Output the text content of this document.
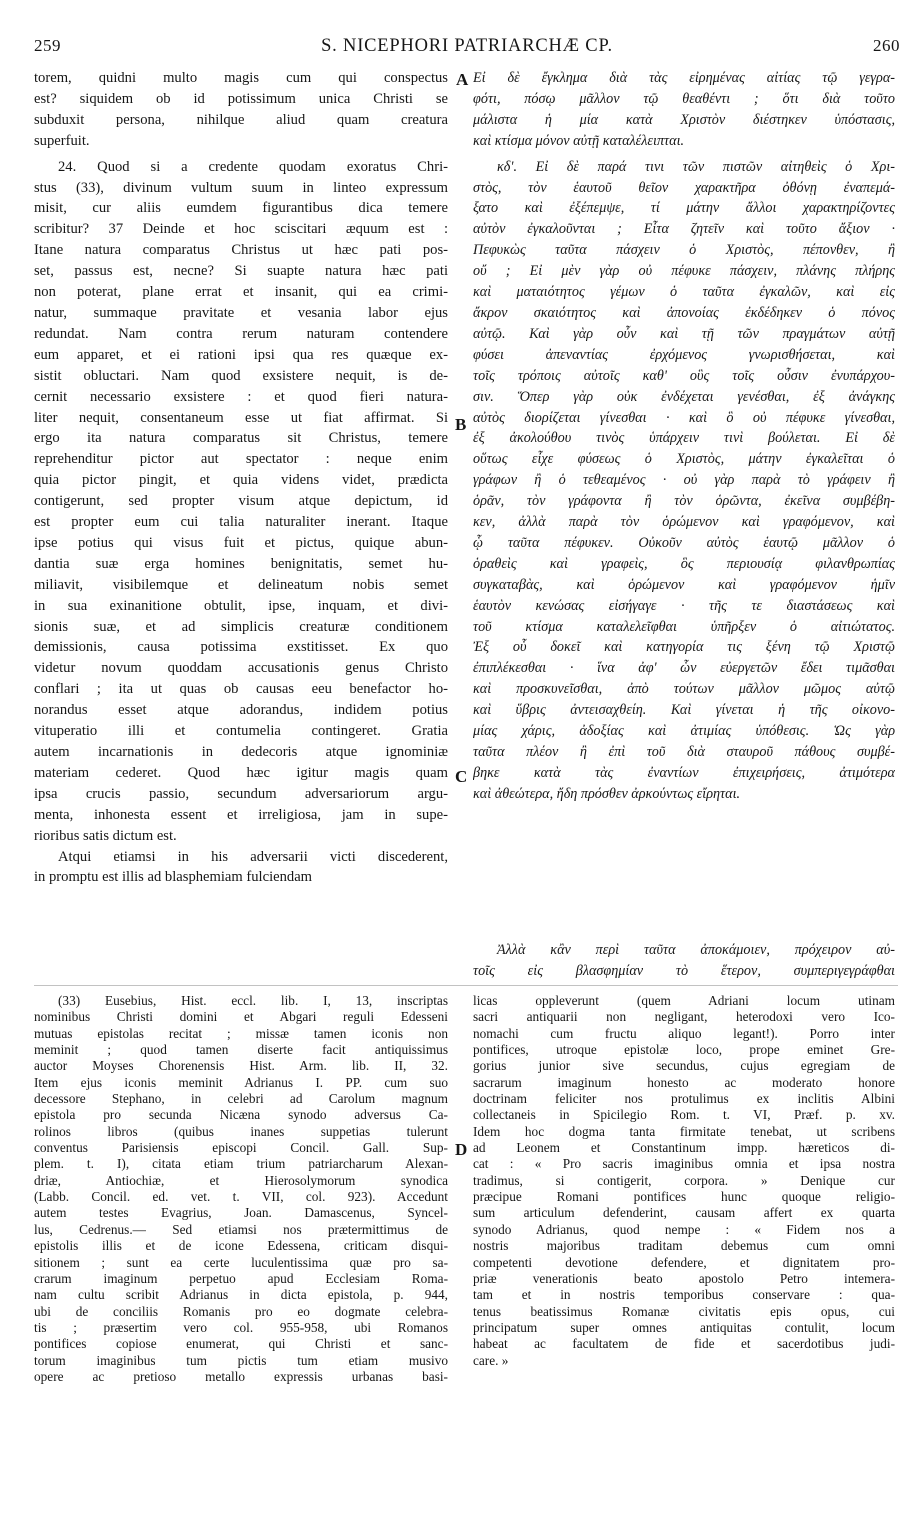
259	S. NICEPHORI PATRIARCHÆ CP.	260

torem, quidni multo magis cum qui conspectus

est? siquidem ob id potissimum unica Christi se

subduxit persona, nihilque aliud quam creatura

superfuit.

24. Quod si a credente quodam exoratus Chri-

stus (33), divinum vultum suum in linteo expressum

misit, cur aliis eumdem figurantibus dica temere

scribitur? 37 Deinde et hoc sciscitari æquum est :

Itane natura comparatus Christus ut hæc pati pos-

set, passus est, necne? Si suapte natura hæc pati

non poterat, plane errat et insanit, qui ea crimi-

natur, summaque pravitate et vesania labor ejus

redundat. Nam contra rerum naturam contendere

eum apparet, et ei rationi ipsi qua res quæque ex-

sistit obluctari. Nam quod exsistere nequit, is de-

cernit necessario exsistere : et quod fieri natura-

liter nequit, consentaneum esse ut fiat affirmat. Si

ergo ita natura comparatus sit Christus, temere

reprehenditur pictor aut spectator : neque enim

quia pictor pingit, et quia videns videt, prædicta

contigerunt, sed propter visum atque depictum, id

est propter eum cui talia naturaliter inerant. Itaque

ipse potius qui visus fuit et pictus, quique abun-

dantia suæ erga homines benignitatis, semet hu-

miliavit, visibilemque et delineatum nobis semet

in sua exinanitione obtulit, ipse, inquam, et divi-

sionis suæ, et ad simplicis creaturæ conditionem

demissionis, causa potissima exstitisset. Ex quo

videtur novum quoddam accusationis genus Christo

conflari ; ita ut quas ob causas eeu benefactor ho-

norandus esset atque adorandus, indidem potius

vituperatio illi et contumelia contingeret. Gratia

autem incarnationis in dedecoris atque ignominiæ

materiam cederet. Quod hæc igitur magis quam

ipsa crucis passio, secundum adversariorum argu-

menta, inhonesta essent et irreligiosa, jam in supe-

rioribus satis dictum est.

Atqui etiamsi in his adversarii victi discederent,

in promptu est illis ad blasphemiam fulciendam

Εἰ δὲ ἔγκλημα διὰ τὰς εἰρημένας αἰτίας τῷ γεγρα-

φότι, πόσῳ μᾶλλον τῷ θεαθέντι ; ὅτι διὰ τοῦτο

μάλιστα ἡ μία κατὰ Χριστὸν διέστηκεν ὑπόστασις,

καὶ κτίσμα μόνον αὐτῇ καταλέλειπται.

κδʹ. Εἰ δὲ παρά τινι τῶν πιστῶν αἰτηθεὶς ὁ Χρι-

στὸς, τὸν ἑαυτοῦ θεῖον χαρακτῆρα ὀθόνῃ ἐναπεμά-

ξατο καὶ ἐξέπεμψε, τί μάτην ἄλλοι χαρακτηρίζοντες

αὐτὸν ἐγκαλοῦνται ; Εἶτα ζητεῖν καὶ τοῦτο ἄξιον ·

Πεφυκὼς ταῦτα πάσχειν ὁ Χριστὸς, πέπονθεν, ἢ

οὔ ; Εἰ μὲν γὰρ οὐ πέφυκε πάσχειν, πλάνης πλήρης

καὶ ματαιότητος γέμων ὁ ταῦτα ἐγκαλῶν, καὶ εἰς

ἄκρον σκαιότητος καὶ ἀπονοίας ἐκδέδηκεν ὁ πόνος

αὐτῷ. Καὶ γὰρ οὖν καὶ τῇ τῶν πραγμάτων αὐτῇ

φύσει ἀπεναντίας ἐρχόμενος γνωρισθήσεται, καὶ

τοῖς τρόποις αὐτοῖς καθ' οὓς τοῖς οὖσιν ἐνυπάρχου-

σιν. Ὅπερ γὰρ οὐκ ἐνδέχεται γενέσθαι, ἐξ ἀνάγκης

αὐτὸς διορίζεται γίνεσθαι · καὶ ὃ οὐ πέφυκε γίνεσθαι,

ἐξ ἀκολούθου τινὸς ὑπάρχειν τινὶ βούλεται. Εἰ δὲ

οὕτως εἶχε φύσεως ὁ Χριστὸς, μάτην ἐγκαλεῖται ὁ

γράφων ἢ ὁ τεθεαμένος · οὐ γὰρ παρὰ τὸ γράφειν ἢ

ὁρᾶν, τὸν γράφοντα ἢ τὸν ὁρῶντα, ἐκεῖνα συμβέβη-

κεν, ἀλλὰ παρὰ τὸν ὁρώμενον καὶ γραφόμενον, καὶ

ᾧ ταῦτα πέφυκεν. Οὐκοῦν αὐτὸς ἑαυτῷ μᾶλλον ὁ

ὁραθεὶς καὶ γραφεὶς, ὃς περιουσίᾳ φιλανθρωπίας

συγκαταβὰς, καὶ ὁρώμενον καὶ γραφόμενον ἡμῖν

ἑαυτὸν κενώσας εἰσήγαγε · τῆς τε διαστάσεως καὶ

τοῦ κτίσμα καταλελεῖφθαι ὑπῆρξεν ὁ αἰτιώτατος.

Ἐξ οὗ δοκεῖ καὶ κατηγορία τις ξένη τῷ Χριστῷ

ἐπιπλέκεσθαι · ἵνα ἀφ' ὧν εὐεργετῶν ἔδει τιμᾶσθαι

καὶ προσκυνεῖσθαι, ἀπὸ τούτων μᾶλλον μῶμος αὐτῷ

καὶ ὕβρις ἀντεισαχθείη. Καὶ γίνεται ἡ τῆς οἰκονο-

μίας χάρις, ἀδοξίας καὶ ἀτιμίας ὑπόθεσις. Ὡς γὰρ

ταῦτα πλέον ἢ ἐπὶ τοῦ διὰ σταυροῦ πάθους συμβέ-

βηκε κατὰ τὰς ἐναντίων ἐπιχειρήσεις, ἀτιμότερα

καὶ ἀθεώτερα, ἤδη πρόσθεν ἀρκούντως εἴρηται.

Ἀλλὰ κἂν περὶ ταῦτα ἀποκάμοιεν, πρόχειρον αὐ-

τοῖς εἰς βλασφημίαν τὸ ἕτερον, συμπεριγεγράφθαι

(33) Eusebius, Hist. eccl. lib. I, 13, inscriptas

nominibus Christi domini et Abgari reguli Edesseni

mutuas epistolas recitat ; missæ tamen iconis non

meminit ; quod tamen diserte facit antiquissimus

auctor Moyses Chorenensis Hist. Arm. lib. II, 32.

Item ejus iconis meminit Adrianus I. PP. cum suo

decessore Stephano, in celebri ad Carolum magnum

epistola pro secunda Nicæna synodo adversus Ca-

rolinos libros (quibus inanes suppetias tulerunt

conventus Parisiensis episcopi Concil. Gall. Sup-

plem. t. I), citata etiam trium patriarcharum Alexan-

driæ, Antiochiæ, et Hierosolymorum synodica

(Labb. Concil. ed. vet. t. VII, col. 923). Accedunt

autem testes Evagrius, Joan. Damascenus, Syncel-

lus, Cedrenus.— Sed etiamsi nos prætermittimus de

epistolis illis et de icone Edessena, criticam disqui-

sitionem ; sunt ea certe luculentissima quæ pro sa-

crarum imaginum perpetuo apud Ecclesiam Roma-

nam cultu scribit Adrianus in dicta epistola, p. 944,

ubi de conciliis Romanis pro eo dogmate celebra-

tis ; præsertim vero col. 955-958, ubi Romanos

pontifices copiose enumerat, qui Christi et sanc-

torum imaginibus tum pictis tum etiam musivo

opere ac pretioso metallo expressis urbanas basi-

licas oppleverunt (quem Adriani locum utinam

sacri antiquarii non negligant, heterodoxi vero Ico-

nomachi cum fructu aliquo legant!). Porro inter

pontifices, utroque epistolæ loco, prope eminet Gre-

gorius junior sive secundus, cujus egregiam de

sacrarum imaginum honesto ac moderato honore

doctrinam feliciter nos protulimus ex inclitis Albini

collectaneis in Spicilegio Rom. t. VI, Præf. p. xv.

Idem hoc dogma tanta firmitate tenebat, ut scribens

ad Leonem et Constantinum impp. hæreticos di-

cat : « Pro sacris imaginibus omnia et ipsa nostra

tradimus, si contigerit, corpora. » Denique cur

præcipue Romani pontifices hunc quoque religio-

sum articulum defenderint, causam affert ex quarta

synodo Adrianus, quod nempe : « Fidem nos a

nostris majoribus traditam debemus cum omni

competenti devotione defendere, et dignitatem pro-

priæ venerationis beato apostolo Petro intemera-

tam et in nostris temporibus conservare : qua-

tenus beatissimus Romanæ civitatis epis opus, cui

principatum super omnes antiquitas contulit, locum

habeat ac facultatem de fide et sacerdotibus judi-

care. »

A
B
C
D
